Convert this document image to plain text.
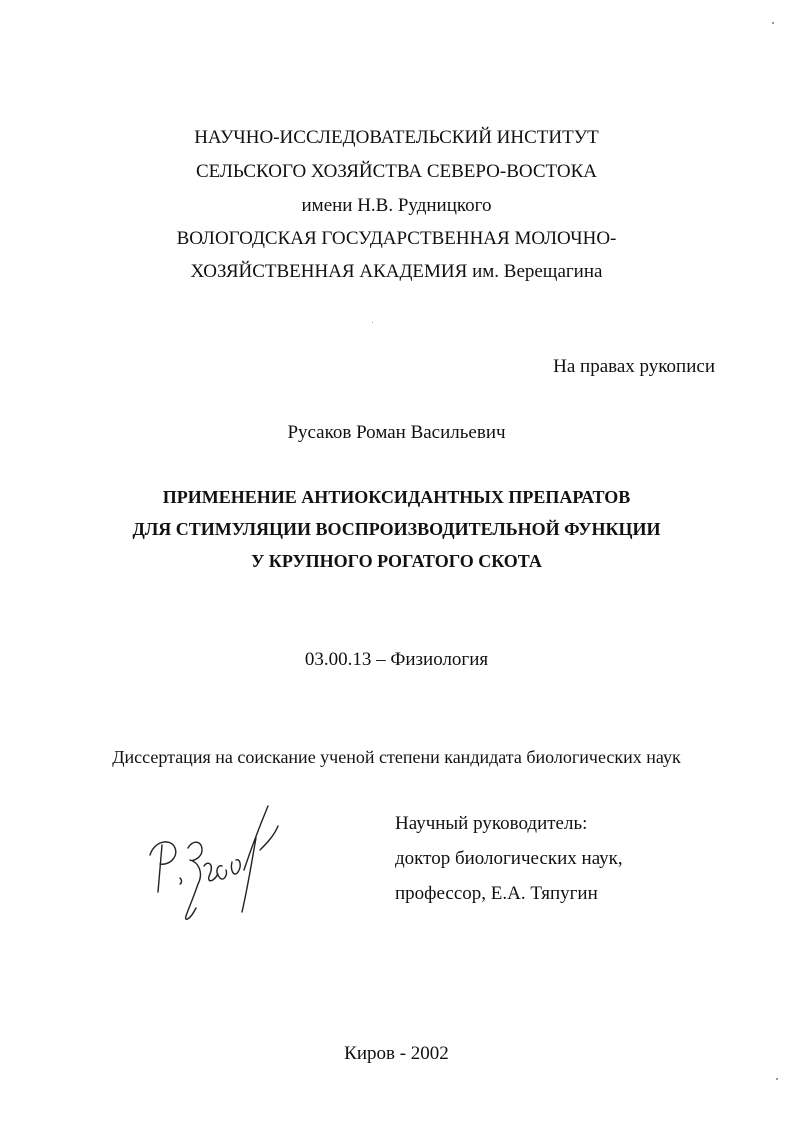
НАУЧНО-ИССЛЕДОВАТЕЛЬСКИЙ ИНСТИТУТ
СЕЛЬСКОГО ХОЗЯЙСТВА СЕВЕРО-ВОСТОКА
имени Н.В. Рудницкого
ВОЛОГОДСКАЯ ГОСУДАРСТВЕННАЯ МОЛОЧНО-
ХОЗЯЙСТВЕННАЯ АКАДЕМИЯ им. Верещагина
На правах рукописи
Русаков Роман Васильевич
ПРИМЕНЕНИЕ АНТИОКСИДАНТНЫХ ПРЕПАРАТОВ
ДЛЯ СТИМУЛЯЦИИ ВОСПРОИЗВОДИТЕЛЬНОЙ ФУНКЦИИ
У КРУПНОГО РОГАТОГО СКОТА
03.00.13 – Физиология
Диссертация на соискание ученой степени кандидата биологических наук
Научный руководитель:
доктор биологических наук,
профессор, Е.А. Тяпугин
Киров - 2002
